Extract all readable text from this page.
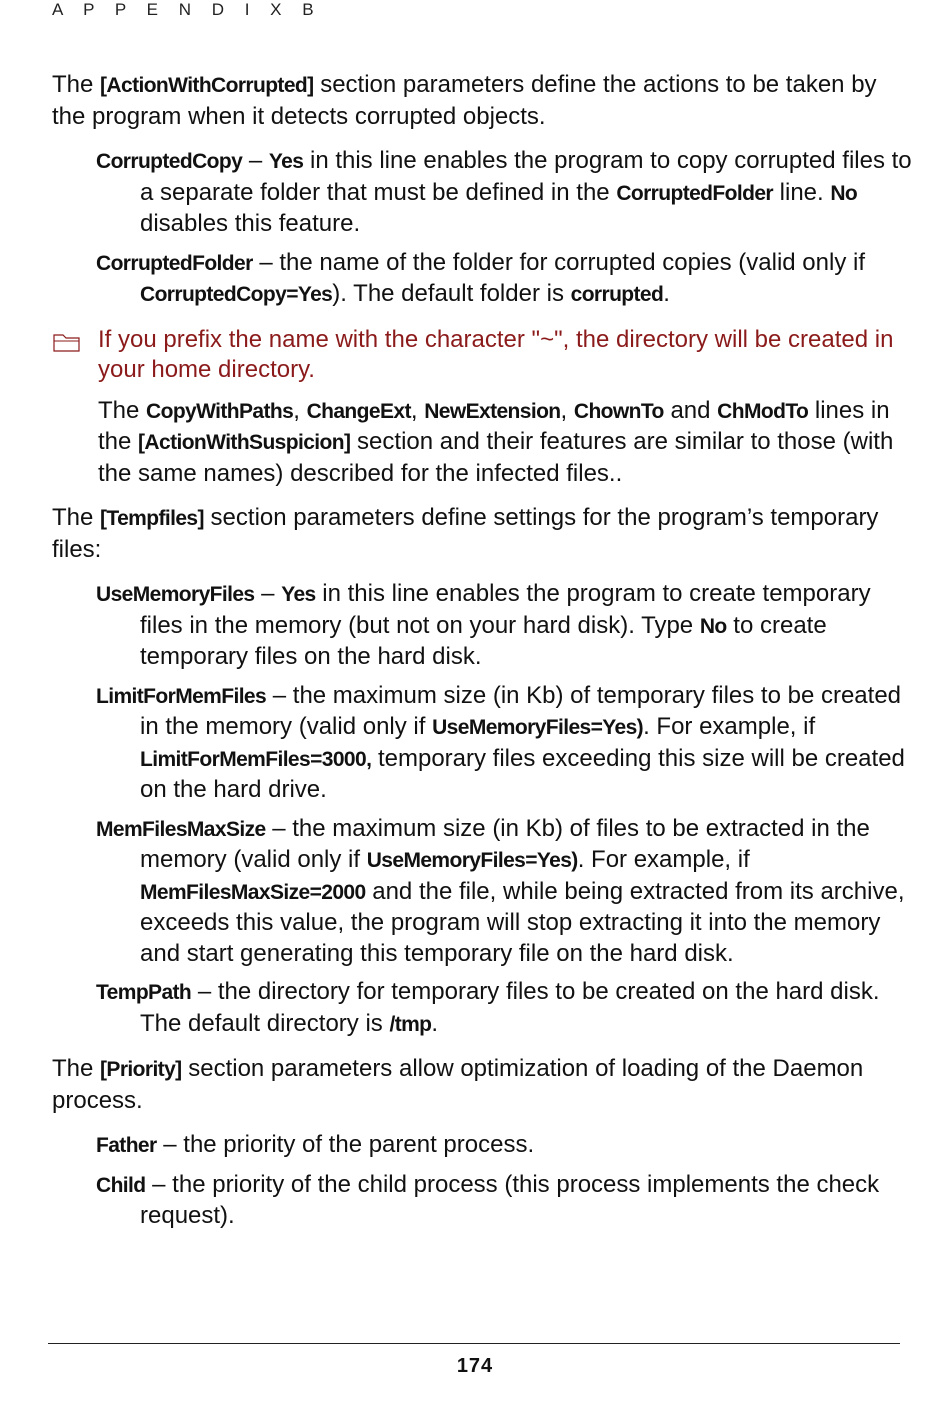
A P P E N D I X B

The [ActionWithCorrupted] section parameters define the actions to be taken by the program when it detects corrupted objects.

CorruptedCopy – Yes in this line enables the program to copy corrupted files to a separate folder that must be defined in the CorruptedFolder line. No disables this feature.
CorruptedFolder – the name of the folder for corrupted copies (valid only if CorruptedCopy=Yes). The default folder is corrupted.
If you prefix the name with the character "~", the directory will be created in your home directory.
The CopyWithPaths, ChangeExt, NewExtension, ChownTo and ChModTo lines in the [ActionWithSuspicion] section and their features are similar to those (with the same names) described for the infected files..

The [Tempfiles] section parameters define settings for the program’s temporary files:

UseMemoryFiles – Yes in this line enables the program to create temporary files in the memory (but not on your hard disk). Type No to create temporary files on the hard disk.
LimitForMemFiles – the maximum size (in Kb) of temporary files to be created in the memory (valid only if UseMemoryFiles=Yes). For example, if LimitForMemFiles=3000, temporary files exceeding this size will be created on the hard drive.
MemFilesMaxSize – the maximum size (in Kb) of files to be extracted in the memory (valid only if UseMemoryFiles=Yes). For example, if MemFilesMaxSize=2000 and the file, while being extracted from its archive, exceeds this value, the program will stop extracting it into the memory and start generating this temporary file on the hard disk.
TempPath – the directory for temporary files to be created on the hard disk. The default directory is /tmp.

The [Priority] section parameters allow optimization of loading of the Daemon process.

Father – the priority of the parent process.
Child – the priority of the child process (this process implements the check request).
174
